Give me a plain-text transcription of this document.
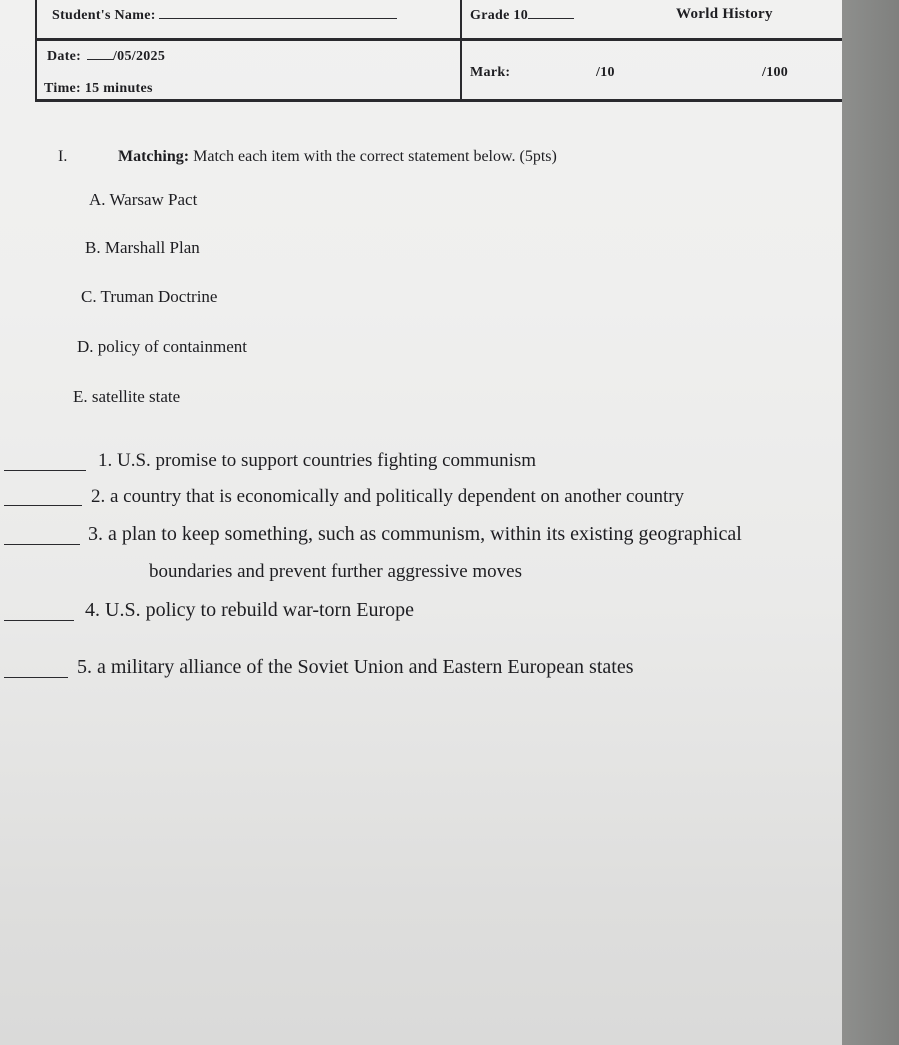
Student's Name:	Grade 10	World History
Date: /05/2025
Time: 15 minutes
Mark:	/10	/100
I.	Matching: Match each item with the correct statement below. (5pts)
A. Warsaw Pact
B. Marshall Plan
C. Truman Doctrine
D. policy of containment
E. satellite state
1. U.S. promise to support countries fighting communism
2. a country that is economically and politically dependent on another country
3. a plan to keep something, such as communism, within its existing geographical
boundaries and prevent further aggressive moves
4. U.S. policy to rebuild war-torn Europe
5. a military alliance of the Soviet Union and Eastern European states
